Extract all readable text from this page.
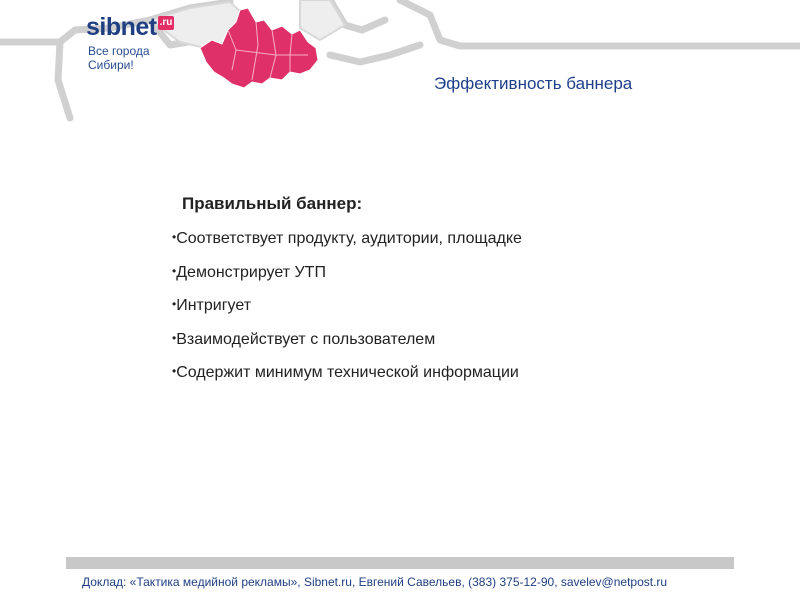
sibnet .ru
Все города
Сибири!
Эффективность баннера
Правильный баннер:
•Соответствует продукту, аудитории, площадке
•Демонстрирует УТП
•Интригует
•Взаимодействует с пользователем
•Содержит минимум технической информации
Доклад: «Тактика медийной рекламы», Sibnet.ru, Евгений Савельев, (383) 375-12-90, savelev@netpost.ru
